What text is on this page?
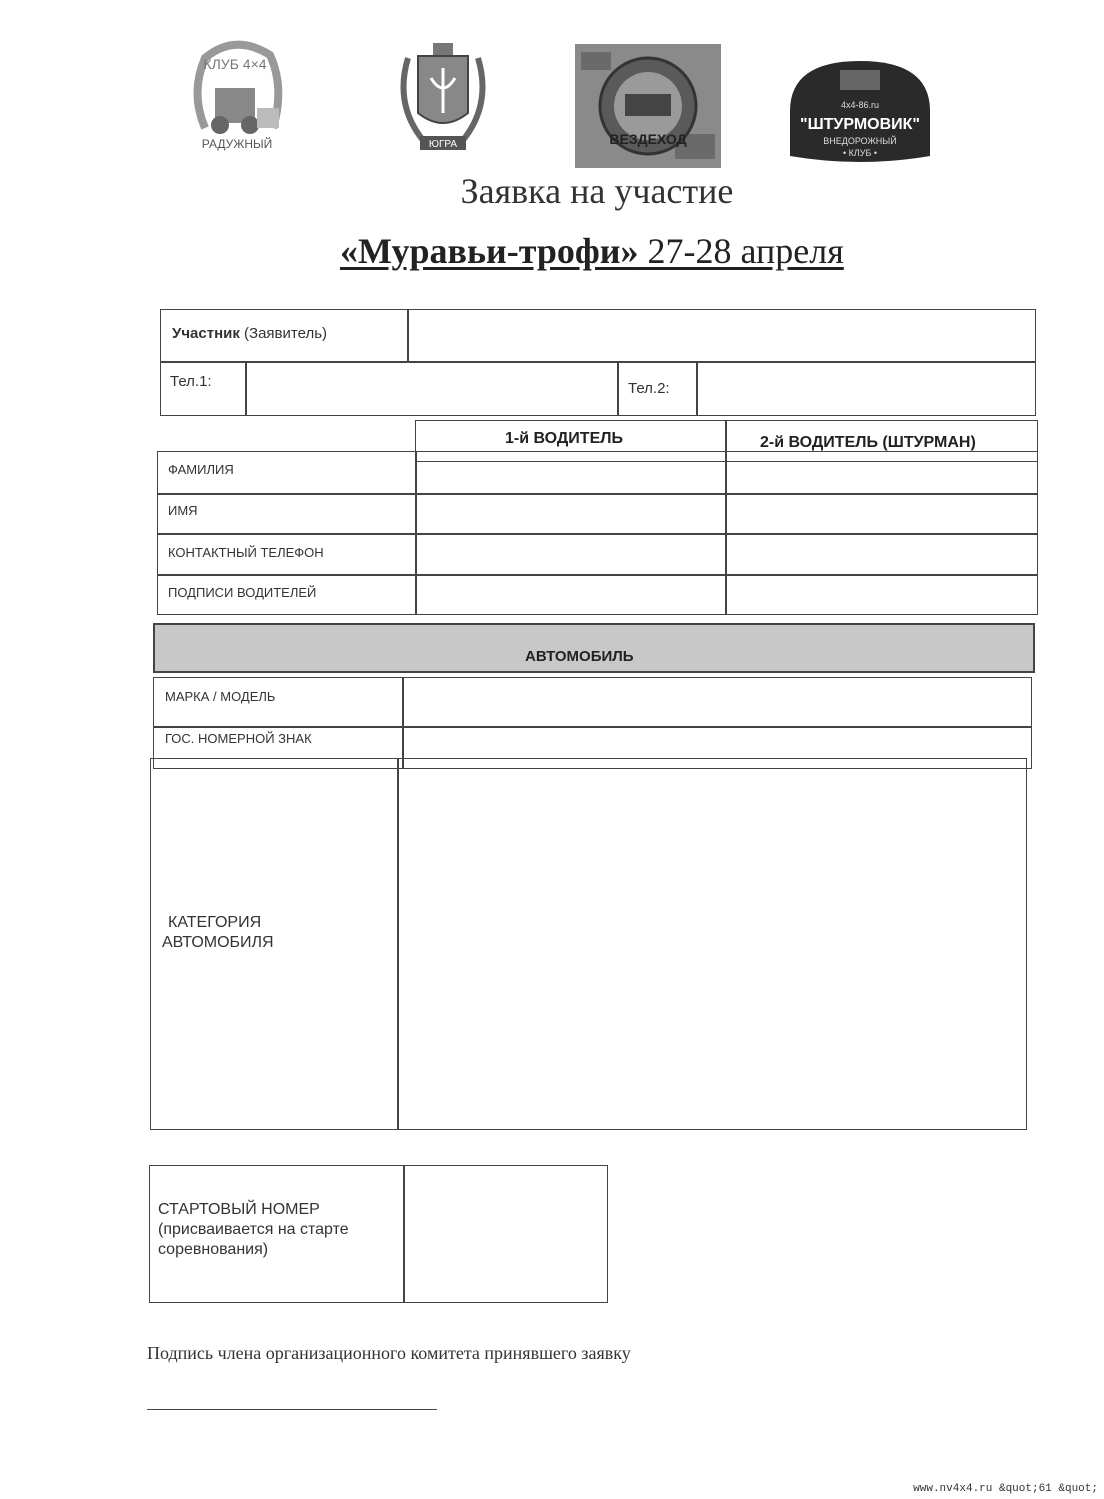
КЛУБ 4×4
РАДУЖНЫЙ	ЮГРА	ВЕЗДЕХОД
4x4-86.ru
"ШТУРМОВИК"
ВНЕДОРОЖНЫЙ
• КЛУБ •
Заявка на участие
«Муравьи-трофи» 27-28 апреля
Участник (Заявитель)
Тел.1:	Тел.2:
1-й ВОДИТЕЛЬ	2-й ВОДИТЕЛЬ (ШТУРМАН)
ФАМИЛИЯ
ИМЯ
КОНТАКТНЫЙ ТЕЛЕФОН
ПОДПИСИ ВОДИТЕЛЕЙ
АВТОМОБИЛЬ
МАРКА / МОДЕЛЬ
ГОС. НОМЕРНОЙ ЗНАК
КАТЕГОРИЯ
АВТОМОБИЛЯ
СТАРТОВЫЙ НОМЕР
(присваивается на старте
соревнования)
Подпись члена организационного комитета принявшего заявку
www.nv4x4.ru &quot;61 &quot;
